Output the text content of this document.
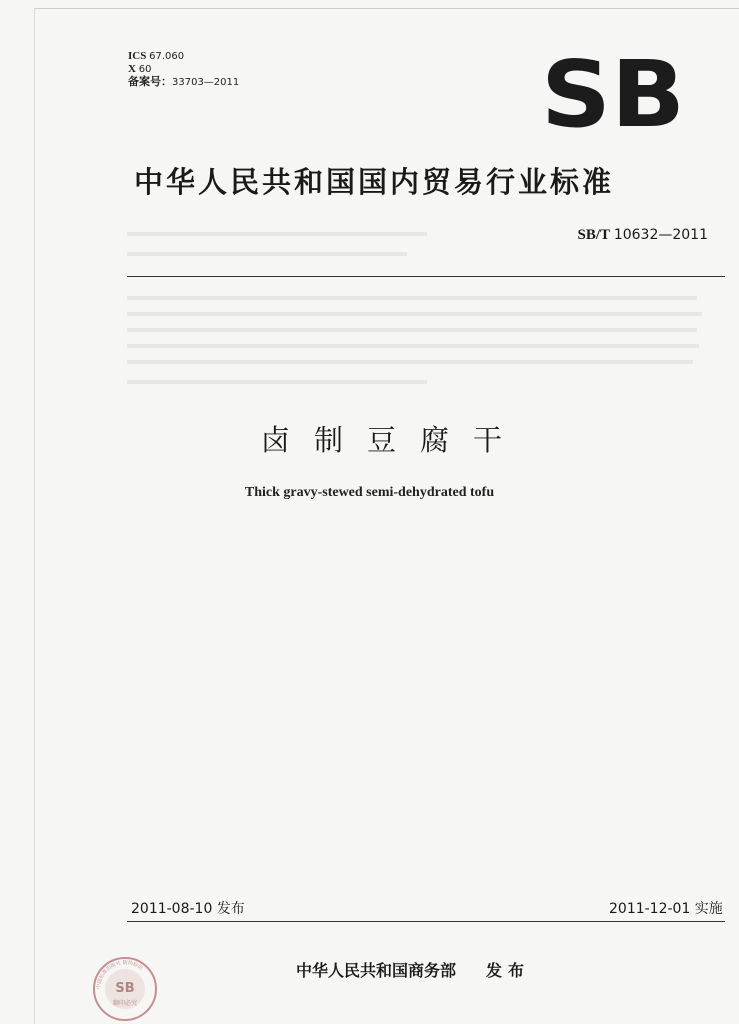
ICS 67.060
X 60
备案号：33703—2011	SB
中华人民共和国国内贸易行业标准
SB/T 10632—2011
卤制豆腐干
Thick gravy-stewed semi-dehydrated tofu
2011-08-10 发布	2011-12-01 实施
中华人民共和国商务部 发布
中国标准出版社 防伪标识
SB
翻印必究
